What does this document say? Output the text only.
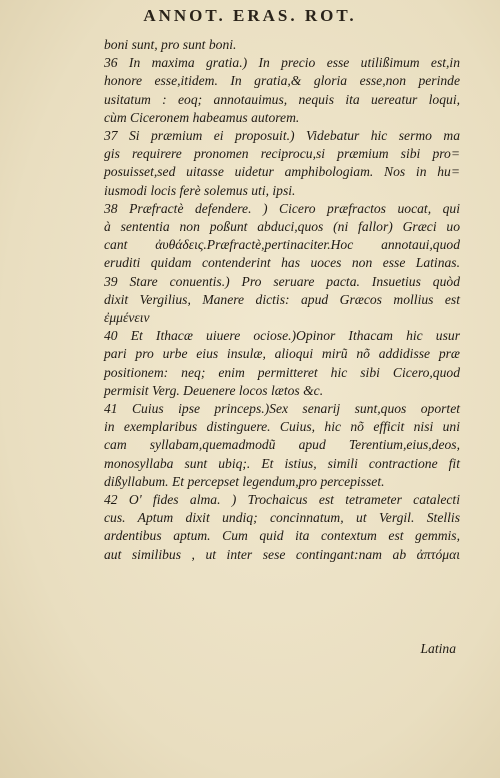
ANNOT. ERAS. ROT.
boni sunt, pro sunt boni.
36 In maxima gratia.) In precio esse utilißimum est,in
honore esse,itidem. In gratia,& gloria esse,non perinde
usitatum : eoq; annotauimus, nequis ita uereatur loqui,
cùm Ciceronem habeamus autorem.
37 Si præmium ei proposuit.) Videbatur hic sermo ma
gis requirere pronomen reciprocu,si præmium sibi pro=
posuisset,sed uitasse uidetur amphibologiam. Nos in hu=
iusmodi locis ferè solemus uti, ipsi.
38 Præfractè defendere. ) Cicero præfractos uocat, qui
à sententia non poßunt abduci,quos (ni fallor) Græci uo
cant ἀυθάδεις.Præfractè,pertinaciter.Hoc annotaui,quod
eruditi quidam contenderint has uoces non esse Latinas.
39 Stare conuentis.) Pro seruare pacta. Insuetius quòd
dixit Vergilius, Manere dictis: apud Græcos mollius est
ἐμμένειν
40 Et Ithacæ uiuere ociose.)Opinor Ithacam hic usur
pari pro urbe eius insulæ, alioqui mirũ nõ addidisse præ
positionem: neq; enim permitteret hic sibi Cicero,quod
permisit Verg. Deuenere locos lætos &c.
41 Cuius ipse princeps.)Sex senarij sunt,quos oportet
in exemplaribus distinguere. Cuius, hic nõ efficit nisi uni
cam syllabam,quemadmodũ apud Terentium,eius,deos,
monosyllaba sunt ubiq;. Et istius, simili contractione fit
dißyllabum. Et percepset legendum,pro percepisset.
42 O' fides alma. ) Trochaicus est tetrameter catalecti
cus. Aptum dixit undiq; concinnatum, ut Vergil. Stellis
ardentibus aptum. Cum quid ita contextum est gemmis,
aut similibus , ut inter sese contingant:nam ab ἀπτόμαι
Latina
